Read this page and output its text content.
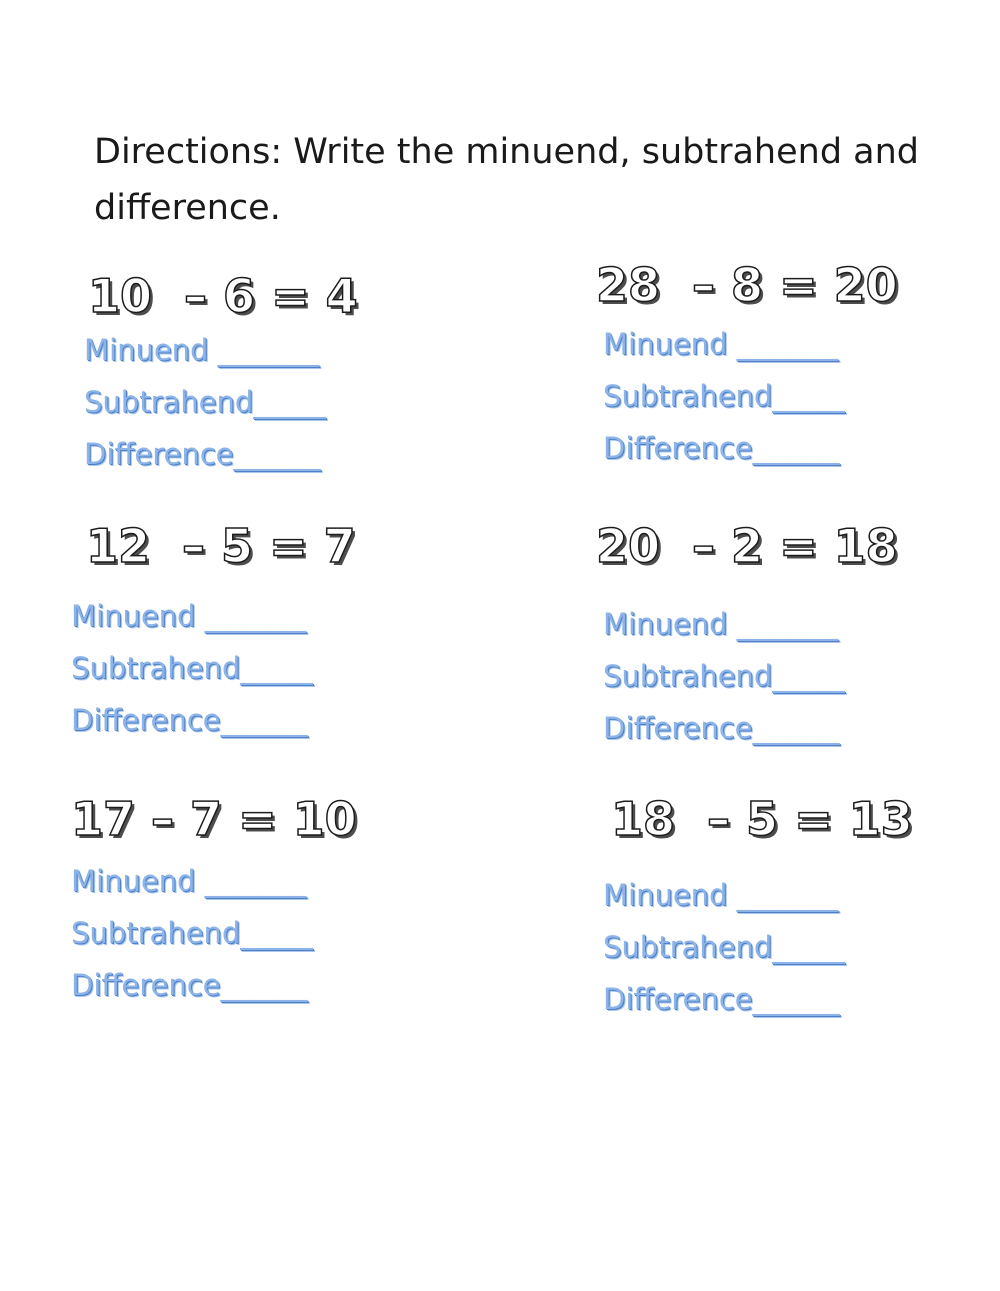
Directions: Write the minuend, subtrahend and difference.

10  – 6 = 4
Minuend _______
Subtrahend_____
Difference______
28  – 8 = 20
Minuend _______
Subtrahend_____
Difference______
12  – 5 = 7
Minuend _______
Subtrahend_____
Difference______
20  – 2 = 18
Minuend _______
Subtrahend_____
Difference______
17 – 7 = 10
Minuend _______
Subtrahend_____
Difference______
18  – 5 = 13
Minuend _______
Subtrahend_____
Difference______
